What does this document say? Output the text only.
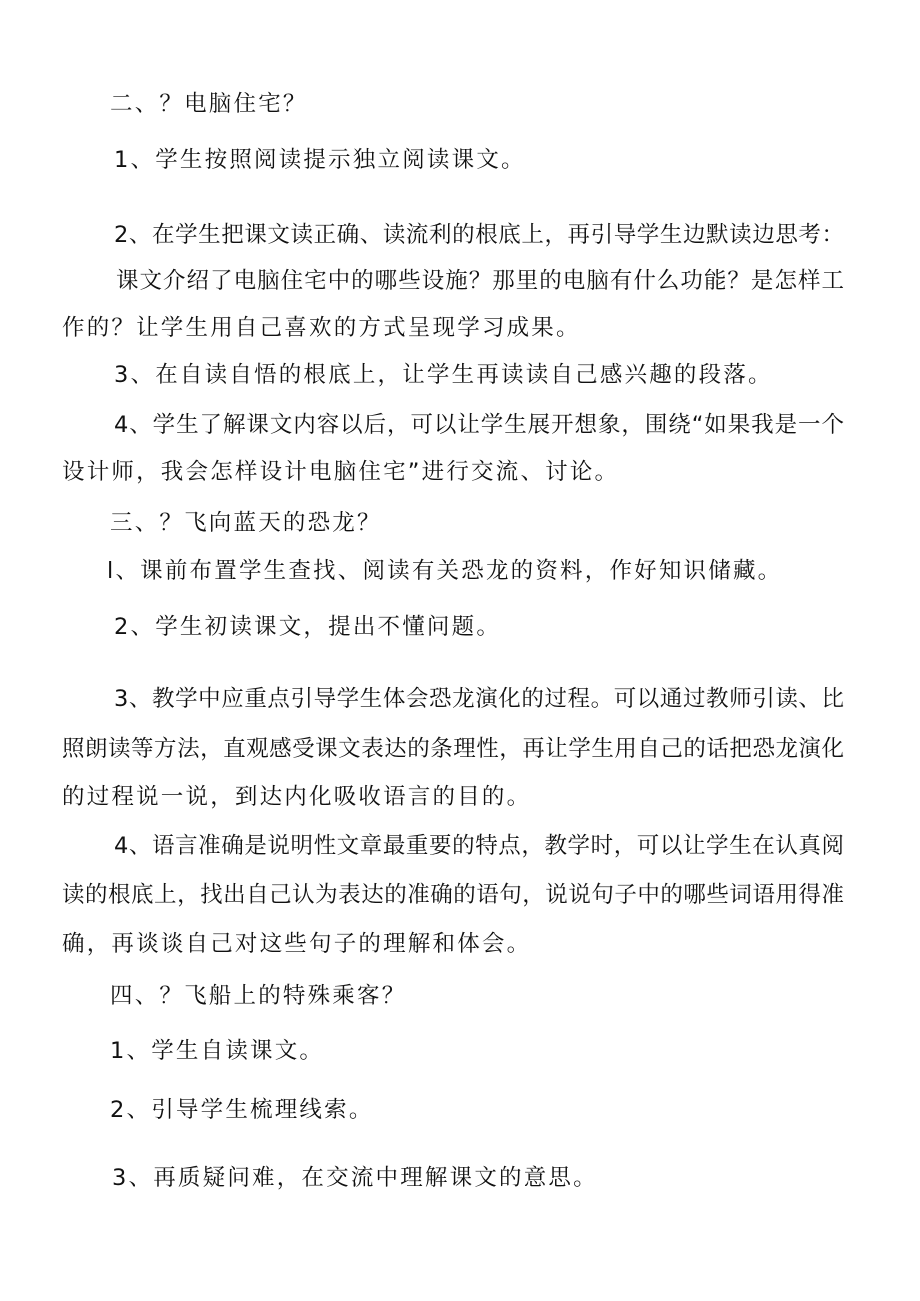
二、？电脑住宅？
1、学生按照阅读提示独立阅读课文。
2、在学生把课文读正确、读流利的根底上，再引导学生边默读边思考：
课文介绍了电脑住宅中的哪些设施？那里的电脑有什么功能？是怎样工
作的？让学生用自己喜欢的方式呈现学习成果。
3、在自读自悟的根底上，让学生再读读自己感兴趣的段落。
4、学生了解课文内容以后，可以让学生展开想象，围绕“如果我是一个
设计师，我会怎样设计电脑住宅”进行交流、讨论。
三、？飞向蓝天的恐龙？
l、课前布置学生查找、阅读有关恐龙的资料，作好知识储藏。
2、学生初读课文，提出不懂问题。
3、教学中应重点引导学生体会恐龙演化的过程。可以通过教师引读、比
照朗读等方法，直观感受课文表达的条理性，再让学生用自己的话把恐龙演化
的过程说一说，到达内化吸收语言的目的。
4、语言准确是说明性文章最重要的特点，教学时，可以让学生在认真阅
读的根底上，找出自己认为表达的准确的语句，说说句子中的哪些词语用得准
确，再谈谈自己对这些句子的理解和体会。
四、？飞船上的特殊乘客？
1、学生自读课文。
2、引导学生梳理线索。
3、再质疑问难，在交流中理解课文的意思。
